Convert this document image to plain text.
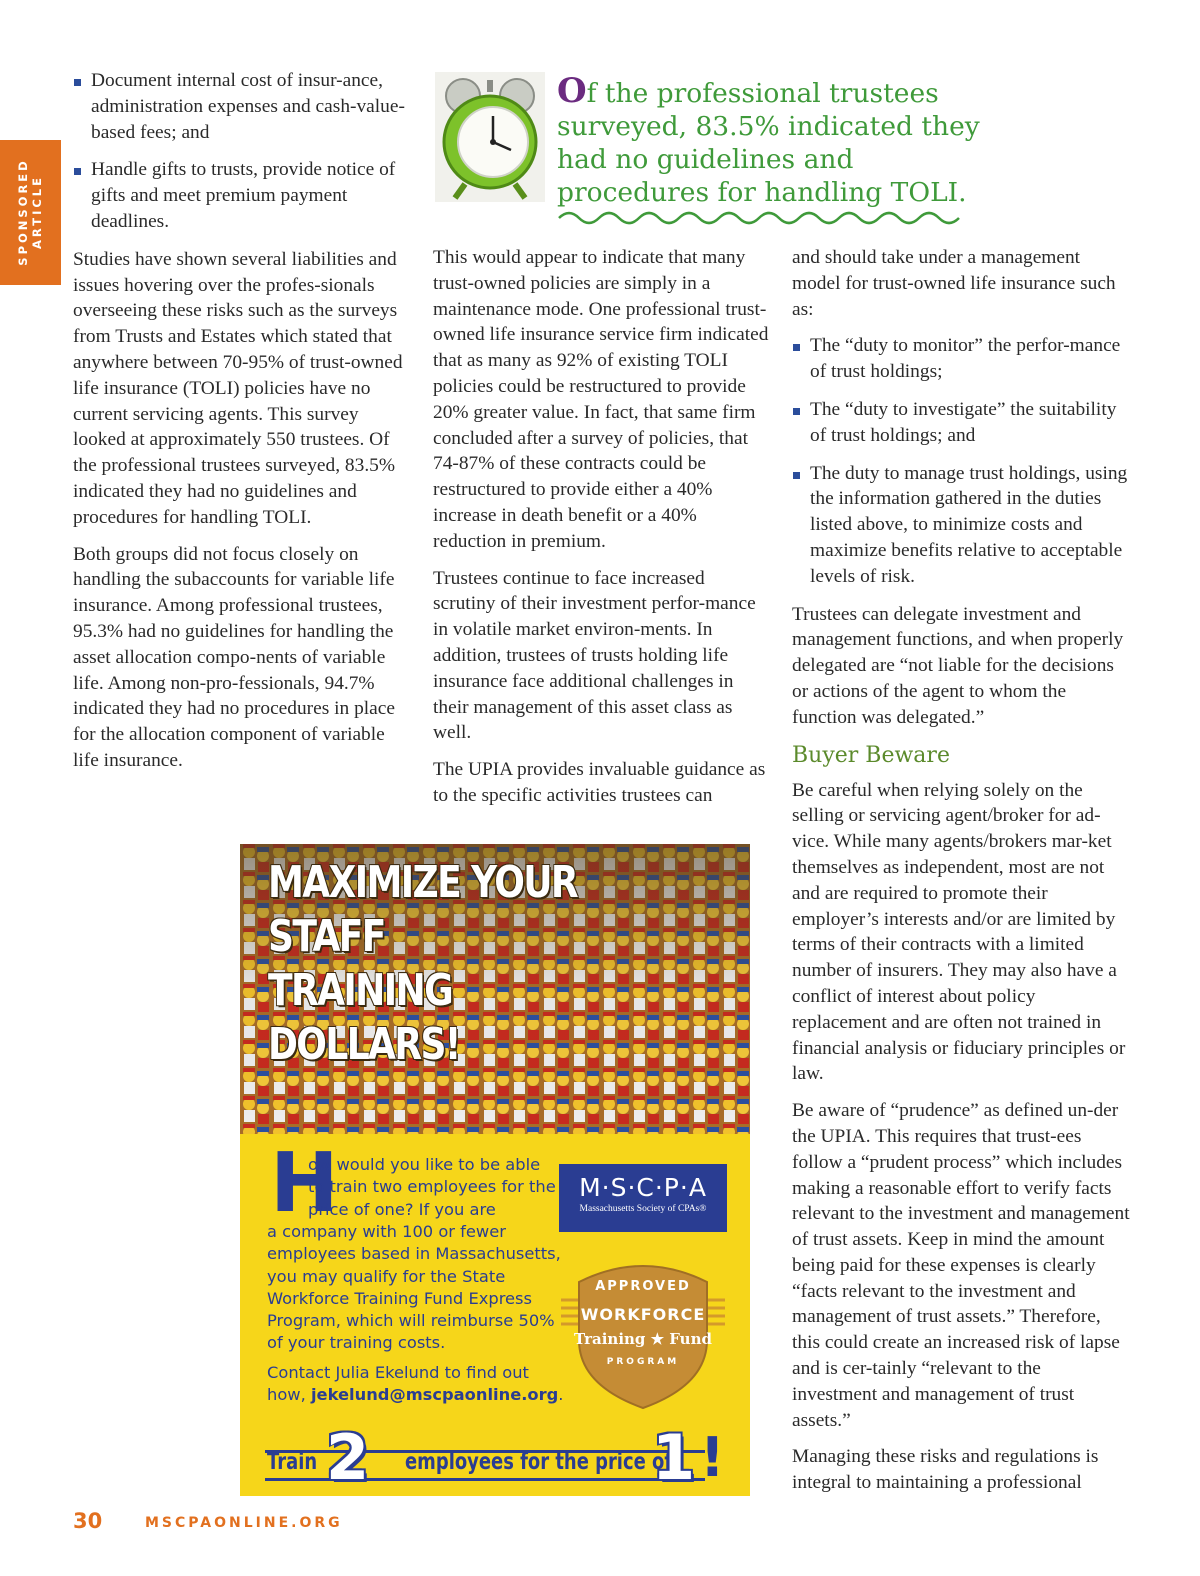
SPONSORED
ARTICLE
Document internal cost of insur-ance, administration expenses and cash-value-based fees; and
Handle gifts to trusts, provide notice of gifts and meet premium payment deadlines.

Studies have shown several liabilities and issues hovering over the profes-sionals overseeing these risks such as the surveys from Trusts and Estates which stated that anywhere between 70-95% of trust-owned life insurance (TOLI) policies have no current servicing agents. This survey looked at approximately 550 trustees. Of the professional trustees surveyed, 83.5% indicated they had no guidelines and procedures for handling TOLI.

Both groups did not focus closely on handling the subaccounts for variable life insurance. Among professional trustees, 95.3% had no guidelines for handling the asset allocation compo-nents of variable life. Among non-pro-fessionals, 94.7% indicated they had no procedures in place for the allocation component of variable life insurance.

Of the professional trustees surveyed, 83.5% indicated they had no guidelines and procedures for handling TOLI.

This would appear to indicate that many trust-owned policies are simply in a maintenance mode. One professional trust-owned life insurance service firm indicated that as many as 92% of existing TOLI policies could be restructured to provide 20% greater value. In fact, that same firm concluded after a survey of policies, that 74-87% of these contracts could be restructured to provide either a 40% increase in death benefit or a 40% reduction in premium.

Trustees continue to face increased scrutiny of their investment perfor-mance in volatile market environ-ments. In addition, trustees of trusts holding life insurance face additional challenges in their management of this asset class as well.

The UPIA provides invaluable guidance as to the specific activities trustees can

and should take under a management model for trust-owned life insurance such as:

The “duty to monitor” the perfor-mance of trust holdings;
The “duty to investigate” the suitability of trust holdings; and
The duty to manage trust holdings, using the information gathered in the duties listed above, to minimize costs and maximize benefits relative to acceptable levels of risk.

Trustees can delegate investment and management functions, and when properly delegated are “not liable for the decisions or actions of the agent to whom the function was delegated.”

Buyer Beware

Be careful when relying solely on the selling or servicing agent/broker for ad-vice. While many agents/brokers mar-ket themselves as independent, most are not and are required to promote their employer’s interests and/or are limited by terms of their contracts with a limited number of insurers. They may also have a conflict of interest about policy replacement and are often not trained in financial analysis or fiduciary principles or law.

Be aware of “prudence” as defined un-der the UPIA. This requires that trust-ees follow a “prudent process” which includes making a reasonable effort to verify facts relevant to the investment and management of trust assets. Keep in mind the amount being paid for these expenses is clearly “facts relevant to the investment and management of trust assets.” Therefore, this could create an increased risk of lapse and is cer-tainly “relevant to the investment and management of trust assets.”

Managing these risks and regulations is integral to maintaining a professional

MAXIMIZE YOUR STAFF
TRAINING DOLLARS!
H
ow would you like to be able to train two employees for the price of one? If you are
a company with 100 or fewer employees based in Massachusetts, you may qualify for the State Workforce Training Fund Express Program, which will reimburse 50% of your training costs.
Contact Julia Ekelund to find out how, jekelund@mscpaonline.org.
M·S·C·P·A
Massachusetts Society of CPAs®
APPROVED
WORKFORCE
Training ★ Fund
PROGRAM
Train 2 employees for the price of
1 !
30	MSCPAONLINE.ORG
